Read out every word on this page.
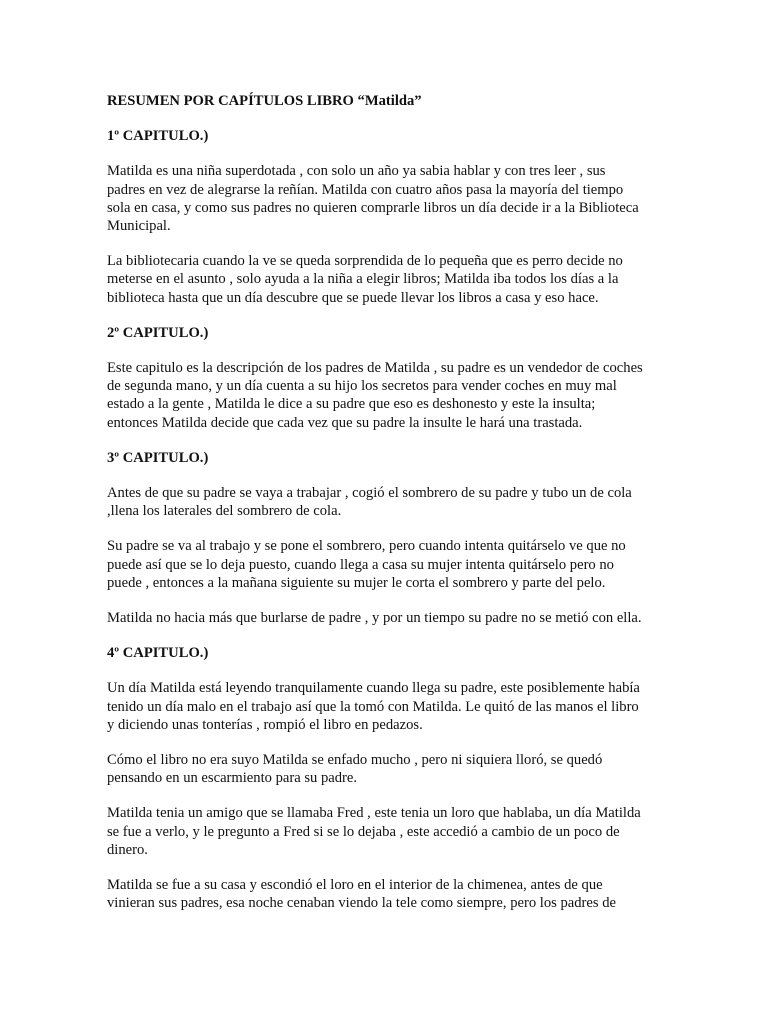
RESUMEN POR CAPÍTULOS LIBRO “Matilda”
1º CAPITULO.)

Matilda es una niña superdotada , con solo un año ya sabia hablar y con tres leer , sus
padres en vez de alegrarse la reñían. Matilda con cuatro años pasa la mayoría del tiempo
sola en casa, y como sus padres no quieren comprarle libros un día decide ir a la Biblioteca
Municipal.

La bibliotecaria cuando la ve se queda sorprendida de lo pequeña que es perro decide no
meterse en el asunto , solo ayuda a la niña a elegir libros; Matilda iba todos los días a la
biblioteca hasta que un día descubre que se puede llevar los libros a casa y eso hace.

2º CAPITULO.)

Este capitulo es la descripción de los padres de Matilda , su padre es un vendedor de coches
de segunda mano, y un día cuenta a su hijo los secretos para vender coches en muy mal
estado a la gente , Matilda le dice a su padre que eso es deshonesto y este la insulta;
entonces Matilda decide que cada vez que su padre la insulte le hará una trastada.

3º CAPITULO.)

Antes de que su padre se vaya a trabajar , cogió el sombrero de su padre y tubo un de cola
,llena los laterales del sombrero de cola.

Su padre se va al trabajo y se pone el sombrero, pero cuando intenta quitárselo ve que no
puede así que se lo deja puesto, cuando llega a casa su mujer intenta quitárselo pero no
puede , entonces a la mañana siguiente su mujer le corta el sombrero y parte del pelo.

Matilda no hacia más que burlarse de padre , y por un tiempo su padre no se metió con ella.

4º CAPITULO.)

Un día Matilda está leyendo tranquilamente cuando llega su padre, este posiblemente había
tenido un día malo en el trabajo así que la tomó con Matilda. Le quitó de las manos el libro
y diciendo unas tonterías , rompió el libro en pedazos.

Cómo el libro no era suyo Matilda se enfado mucho , pero ni siquiera lloró, se quedó
pensando en un escarmiento para su padre.

Matilda tenia un amigo que se llamaba Fred , este tenia un loro que hablaba, un día Matilda
se fue a verlo, y le pregunto a Fred si se lo dejaba , este accedió a cambio de un poco de
dinero.

Matilda se fue a su casa y escondió el loro en el interior de la chimenea, antes de que
vinieran sus padres, esa noche cenaban viendo la tele como siempre, pero los padres de
